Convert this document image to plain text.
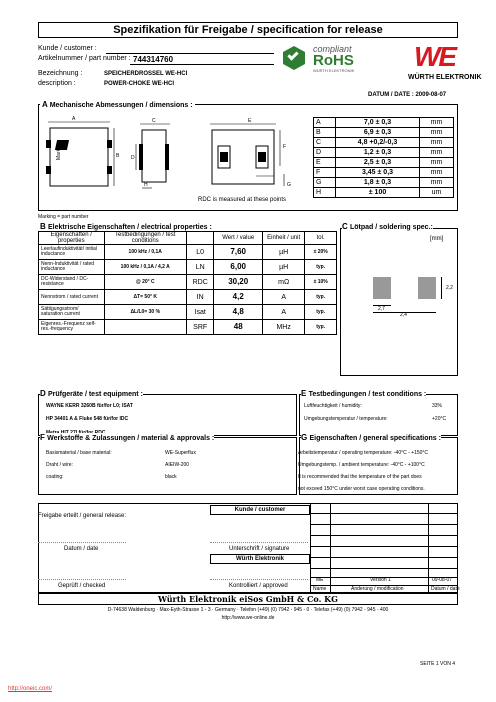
Spezifikation für Freigabe / specification for release
Kunde / customer :
Artikelnummer / part number : 744314760
Bezeichnung :	SPEICHERDROSSEL WE-HCI
description :	POWER-CHOKE WE-HCI
compliant
RoHS
WÜRTH ELEKTRONIK WE
WÜRTH ELEKTRONIK
DATUM / DATE : 2009-08-07
A Mechanische Abmessungen / dimensions :
Marking
A
B
C
D
H
E
F
G
RDC is measured at these points
A	7,0 ± 0,3	mm
B	6,9 ± 0,3	mm
C	4,8 +0,2/-0,3	mm
D	1,2 ± 0,3	mm
E	2,5 ± 0,3	mm
F	3,45 ± 0,3	mm
G	1,8 ± 0,3	mm
H	± 100	um
Marking = part number
B Elektrische Eigenschaften / electrical properties :
Eigenschaften / properties	Testbedingungen / test conditions		Wert / value	Einheit / unit	tol.
Leerlaufinduktivität/ initial inductance	100 kHz / 0,1A	L0	7,60	µH	± 20%
Nenn-Induktivität / rated inductance	100 kHz / 0,1A / 4,2 A	LN	6,00	µH	typ.
DC-Widerstand / DC-resistance	@ 20° C	RDC	30,20	mΩ	± 10%
Nennstrom / rated current	ΔT= 50° K	IN	4,2	A	typ.
Sättigungsstrom/ saturation current	ΔL/L0= 30 %	Isat	4,8	A	typ.
Eigenres.-Frequenz self-res.-frequency		SRF	48	MHz	typ.
C Lötpad / soldering spec.:
[mm]
2,7
2,4
2,2
D Prüfgeräte / test equipment :
WAYNE KERR 3260B für/for L0; ISAT
HP 34401 A & Fluke 548 für/for IDC
E Testbedingungen / test conditions :
Luftfeuchtigkeit / humidity:	33%
Umgebungstemperatur / temperature:	+20°C
F Werkstoffe & Zulassungen / material & approvals :
Basismaterial / base material:	WE-Superflux
Draht / wire:	AIEIW-200
coating:	black
G Eigenschaften / general specifications :
Arbeitstemperatur / operating temperature: -40°C - +150°C
Umgebungstemp. / ambient temperature: -40°C - +100°C
It is recommended that the temperature of the part does
not exceed 150°C under worst case operating conditions.
Freigabe erteilt / general release:
Kunde / customer
Datum / date	Unterschrift / signature
Würth Elektronik
Geprüft / checked	Kontrolliert / approved
ME	Version 1	09-08-07
Name	Änderung / modification	Datum / date
Würth Elektronik eiSos GmbH & Co. KG
D-74638 Waldenburg · Max-Eyth-Strasse 1 - 3 · Germany · Telefon (+49) (0) 7942 - 945 - 0 · Telefax (+49) (0) 7942 - 945 - 400
http://www.we-online.de
SEITE 1 VON 4
http://oneic.com/
